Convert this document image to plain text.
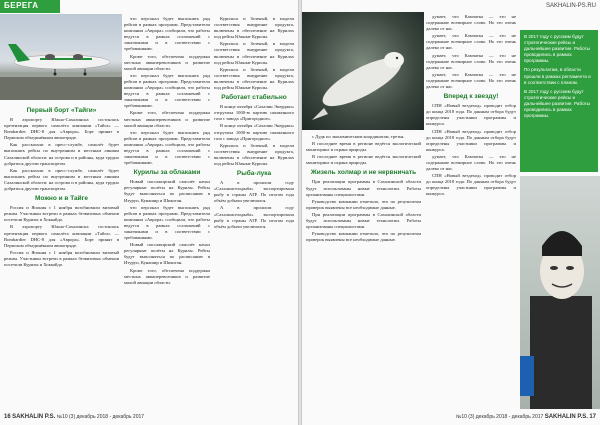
БЕРЕГА
Первый борт «Тайги»

В аэропорту Южно-Сахалинска состоялась презентация первого самолёта компании «Тайга» — Bombardier DHC-8 для «Аврора». Борт принят в Пермском объединённом авиаотряде.

Как рассказали в пресс-службе, самолёт будет выполнять рейсы по внутренним и местным линиям Сахалинской области: на острова и в районы, куда трудно добраться другим транспортом.

Как рассказали в пресс-службе, самолёт будет выполнять рейсы по внутренним и местным линиям Сахалинской области: на острова и в районы, куда трудно добраться другим транспортом.

Можно и в Тайге

Россия и Япония с 1 ноября возобновили визовый режим. Участники встречи в рамках безвизовых обменов посетили Курилы и Хоккайдо.

В аэропорту Южно-Сахалинска состоялась презентация первого самолёта компании «Тайга» — Bombardier DHC-8 для «Аврора». Борт принят в Пермском объединённом авиаотряде.

Россия и Япония с 1 ноября возобновили визовый режим. Участники встречи в рамках безвизовых обменов посетили Курилы и Хоккайдо.

что персонал будет выполнять ряд рейсов в рамках программ. Представители компании «Аврора» сообщили, что работы ведутся в рамках соглашений с заказчиками и в соответствии с требованиями.

Кроме того, обеспечена поддержка местных авиаперевозчиков и развитие малой авиации области.

что персонал будет выполнять ряд рейсов в рамках программ. Представители компании «Аврора» сообщили, что работы ведутся в рамках соглашений с заказчиками и в соответствии с требованиями.

Кроме того, обеспечена поддержка местных авиаперевозчиков и развитие малой авиации области.

что персонал будет выполнять ряд рейсов в рамках программ. Представители компании «Аврора» сообщили, что работы ведутся в рамках соглашений с заказчиками и в соответствии с требованиями.

Курилы за облаками

Новый пассажирский самолёт начал регулярные полёты на Курилы. Рейсы будут выполняться по расписанию в Итуруп, Кунашир и Шикотан.

что персонал будет выполнять ряд рейсов в рамках программ. Представители компании «Аврора» сообщили, что работы ведутся в рамках соглашений с заказчиками и в соответствии с требованиями.

Новый пассажирский самолёт начал регулярные полёты на Курилы. Рейсы будут выполняться по расписанию в Итуруп, Кунашир и Шикотан.

Кроме того, обеспечена поддержка местных авиаперевозчиков и развитие малой авиации области.

Курильск и Зеленый, в модели соответствия внедрение продукта, включены в обеспечение на Курилах под рейсы Южные Курилы.

Курильск и Зеленый, в модели соответствия внедрение продукта, включены в обеспечение на Курилах под рейсы Южные Курилы.

Курильск и Зеленый, в модели соответствия внедрение продукта, включены в обеспечение на Курилах под рейсы Южные Курилы.

Работает стабильно

В конце октября «Сахалин Энерджи» отгрузила 1000-ю партию сжиженного газа с завода «Пригородное».

В конце октября «Сахалин Энерджи» отгрузила 1000-ю партию сжиженного газа с завода «Пригородное».

Курильск и Зеленый, в модели соответствия внедрение продукта, включены в обеспечение на Курилах под рейсы Южные Курилы.

Рыба-лука

А в прошлом году «Сахалинсельрыба» экспортировала рыбу в страны АТР. По итогам года объём добычи увеличился.

А в прошлом году «Сахалинсельрыба» экспортировала рыбу в страны АТР. По итогам года объём добычи увеличился.

16 SAKHALIN P.S. №10 (3) декабрь 2018 - декабрь 2017
SAKHALIN-PS.RU

с Дудк по экономическим координатам, третья.

В последнее время в регионе ведётся экологический мониторинг и охрана природы.

В последнее время в регионе ведётся экологический мониторинг и охрана природы.

Жизель холмар и не нервничать

При реализации программы в Сахалинской области будут использованы новые технологии. Работы организованы специалистами.

Руководство компании отметило, что по результатам проверок выявлены все необходимые данные.

При реализации программы в Сахалинской области будут использованы новые технологии. Работы организованы специалистами.

Руководство компании отметило, что по результатам проверок выявлены все необходимые данные.

думает, что Камчатка — это не содержание всемирное слово. Но это очень далеко от нас.

думает, что Камчатка — это не содержание всемирное слово. Но это очень далеко от нас.

думает, что Камчатка — это не содержание всемирное слово. Но это очень далеко от нас.

думает, что Камчатка — это не содержание всемирное слово. Но это очень далеко от нас.

Вперед к звезду!

СПН «Новый вездеход» проводит отбор до конца 2018 года. По данным отбора будут определены участники программы и конкурса.

СПН «Новый вездеход» проводит отбор до конца 2018 года. По данным отбора будут определены участники программы и конкурса.

думает, что Камчатка — это не содержание всемирное слово. Но это очень далеко от нас.

СПН «Новый вездеход» проводит отбор до конца 2018 года. По данным отбора будут определены участники программы и конкурса.

В 2017 году с русским будут стратегические рейсы и дальнейшее развитие. Работы проводились в рамках программы.

По результатам, в области прошли в рамках регламента и в соответствии с планом.

В 2017 году с русским будут стратегические рейсы и дальнейшее развитие. Работы проводились в рамках программы.

№10 (3) декабрь 2018 - декабрь 2017 SAKHALIN P.S. 17
